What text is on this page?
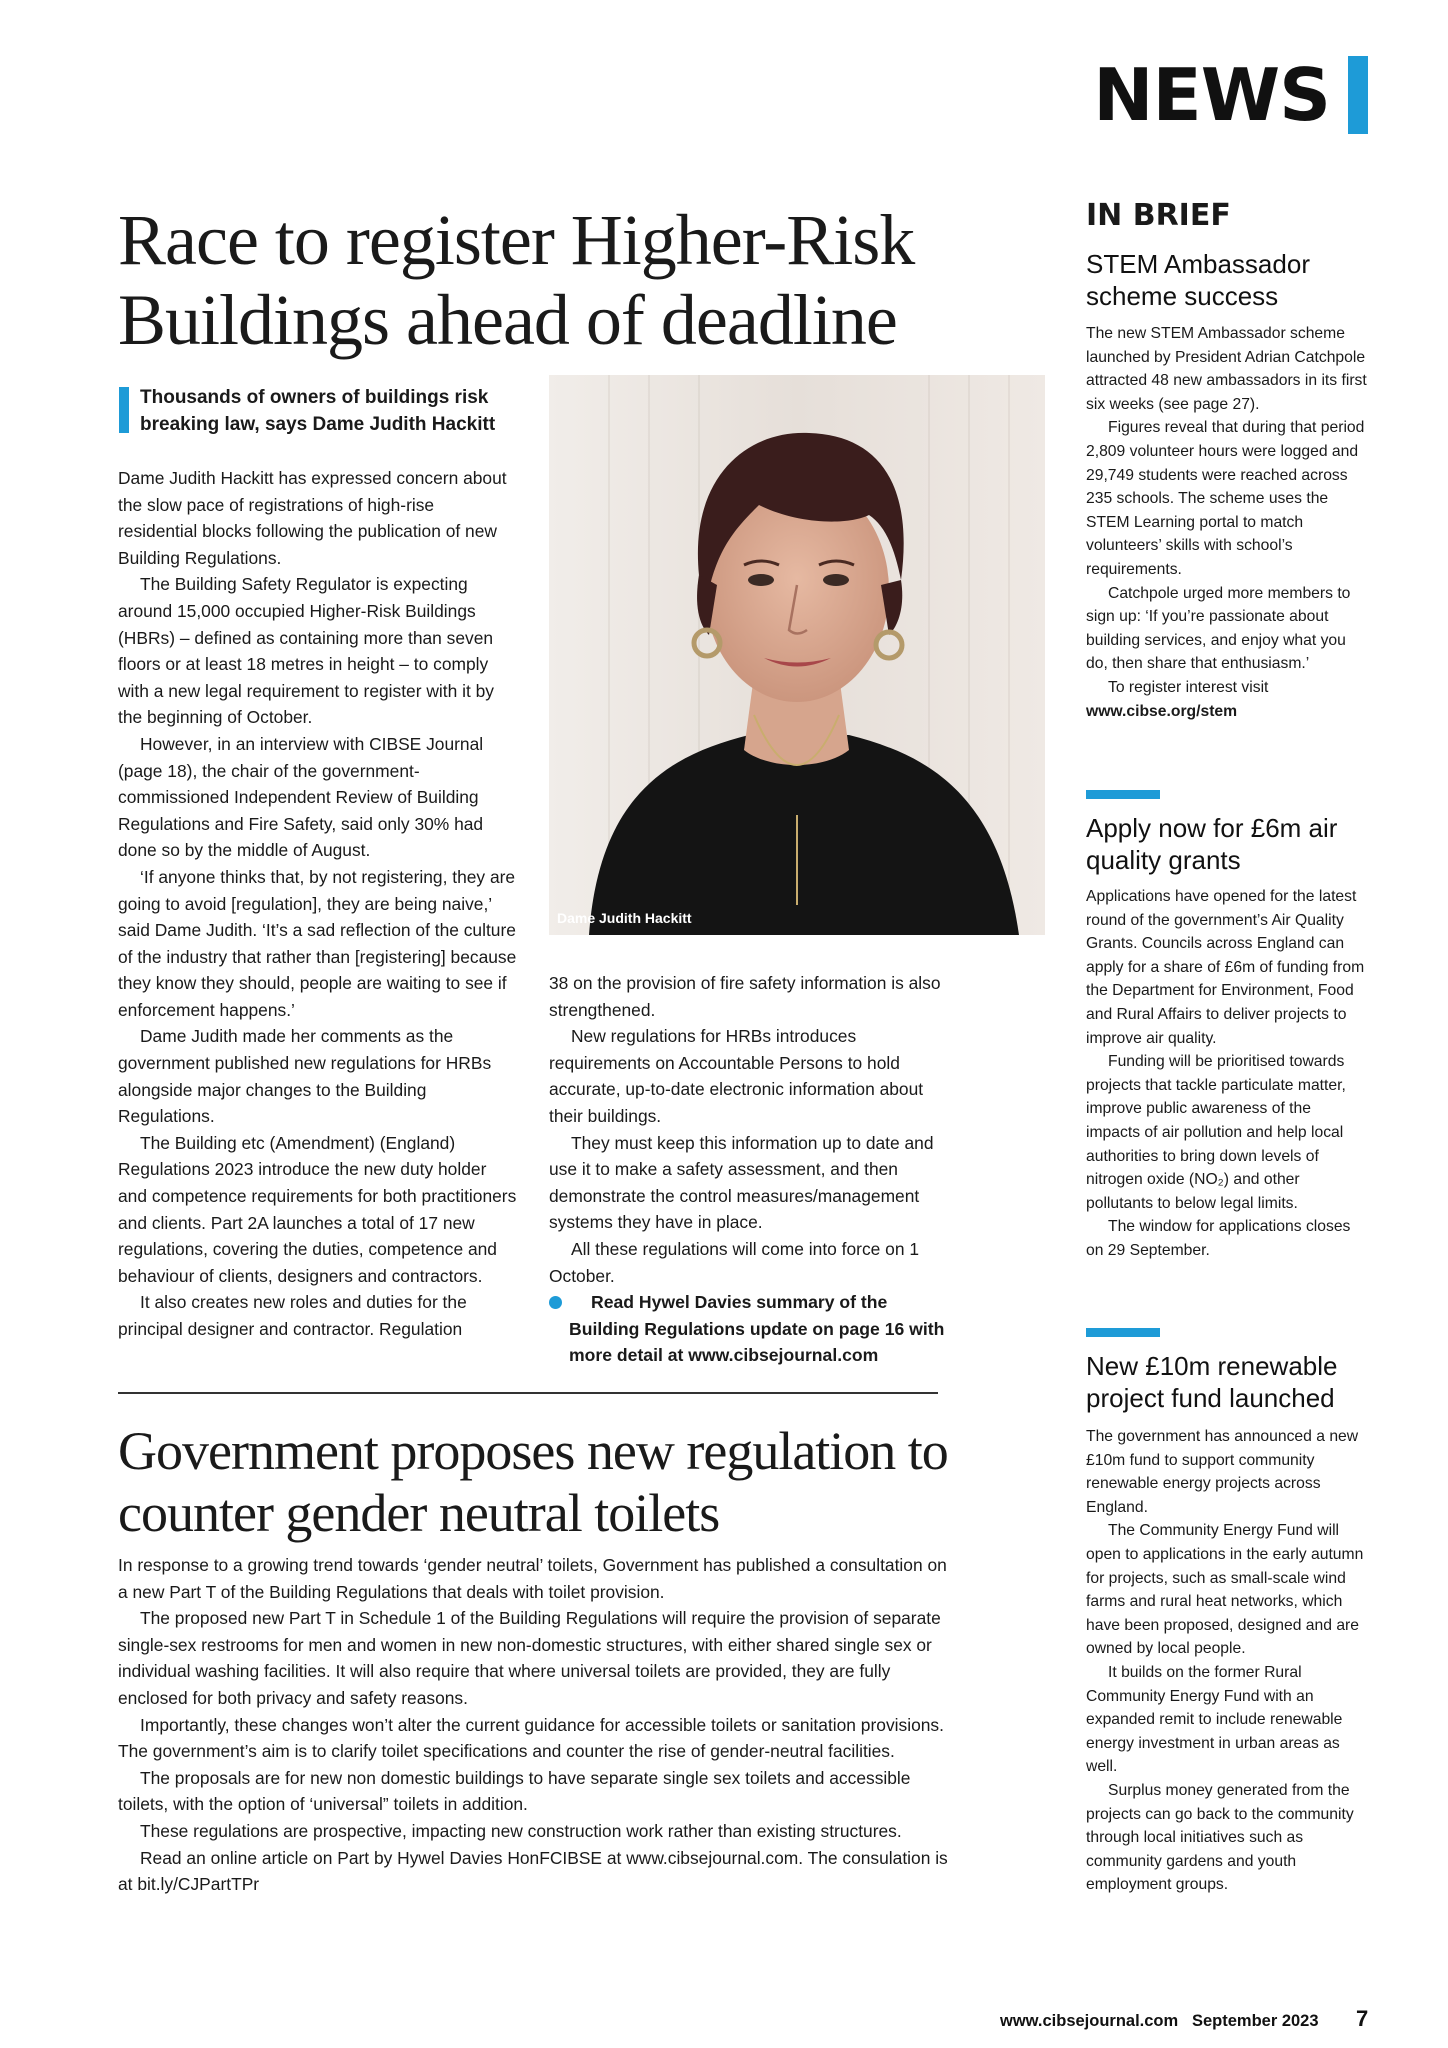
NEWS
Race to register Higher-Risk Buildings ahead of deadline
Thousands of owners of buildings risk breaking law, says Dame Judith Hackitt

Dame Judith Hackitt has expressed concern about the slow pace of registrations of high-rise residential blocks following the publication of new Building Regulations.

The Building Safety Regulator is expecting around 15,000 occupied Higher-Risk Buildings (HBRs) – defined as containing more than seven floors or at least 18 metres in height – to comply with a new legal requirement to register with it by the beginning of October.

However, in an interview with CIBSE Journal (page 18), the chair of the government-commissioned Independent Review of Building Regulations and Fire Safety, said only 30% had done so by the middle of August.

‘If anyone thinks that, by not registering, they are going to avoid [regulation], they are being naive,’ said Dame Judith. ‘It’s a sad reflection of the culture of the industry that rather than [registering] because they know they should, people are waiting to see if enforcement happens.’

Dame Judith made her comments as the government published new regulations for HRBs alongside major changes to the Building Regulations.

The Building etc (Amendment) (England) Regulations 2023 introduce the new duty holder and competence requirements for both practitioners and clients. Part 2A launches a total of 17 new regulations, covering the duties, competence and behaviour of clients, designers and contractors.

It also creates new roles and duties for the principal designer and contractor. Regulation

Dame Judith Hackitt

38 on the provision of fire safety information is also strengthened.

New regulations for HRBs introduces requirements on Accountable Persons to hold accurate, up-to-date electronic information about their buildings.

They must keep this information up to date and use it to make a safety assessment, and then demonstrate the control measures/management systems they have in place.

All these regulations will come into force on 1 October.

Read Hywel Davies summary of the Building Regulations update on page 16 with more detail at www.cibsejournal.com

Government proposes new regulation to counter gender neutral toilets

In response to a growing trend towards ‘gender neutral’ toilets, Government has published a consultation on a new Part T of the Building Regulations that deals with toilet provision.

The proposed new Part T in Schedule 1 of the Building Regulations will require the provision of separate single-sex restrooms for men and women in new non-domestic structures, with either shared single sex or individual washing facilities. It will also require that where universal toilets are provided, they are fully enclosed for both privacy and safety reasons.

Importantly, these changes won’t alter the current guidance for accessible toilets or sanitation provisions. The government’s aim is to clarify toilet specifications and counter the rise of gender-neutral facilities.

The proposals are for new non domestic buildings to have separate single sex toilets and accessible toilets, with the option of ‘universal” toilets in addition.

These regulations are prospective, impacting new construction work rather than existing structures.

Read an online article on Part by Hywel Davies HonFCIBSE at www.cibsejournal.com. The consulation is at bit.ly/CJPartTPr

IN BRIEF
STEM Ambassador scheme success

The new STEM Ambassador scheme launched by President Adrian Catchpole attracted 48 new ambassadors in its first six weeks (see page 27).

Figures reveal that during that period 2,809 volunteer hours were logged and 29,749 students were reached across 235 schools. The scheme uses the STEM Learning portal to match volunteers’ skills with school’s requirements.

Catchpole urged more members to sign up: ‘If you’re passionate about building services, and enjoy what you do, then share that enthusiasm.’

To register interest visit

www.cibse.org/stem

Apply now for £6m air quality grants

Applications have opened for the latest round of the government’s Air Quality Grants. Councils across England can apply for a share of £6m of funding from the Department for Environment, Food and Rural Affairs to deliver projects to improve air quality.

Funding will be prioritised towards projects that tackle particulate matter, improve public awareness of the impacts of air pollution and help local authorities to bring down levels of nitrogen oxide (NO₂) and other pollutants to below legal limits.

The window for applications closes on 29 September.

New £10m renewable project fund launched

The government has announced a new £10m fund to support community renewable energy projects across England.

The Community Energy Fund will open to applications in the early autumn for projects, such as small-scale wind farms and rural heat networks, which have been proposed, designed and are owned by local people.

It builds on the former Rural Community Energy Fund with an expanded remit to include renewable energy investment in urban areas as well.

Surplus money generated from the projects can go back to the community through local initiatives such as community gardens and youth employment groups.

www.cibsejournal.com September 2023 7
